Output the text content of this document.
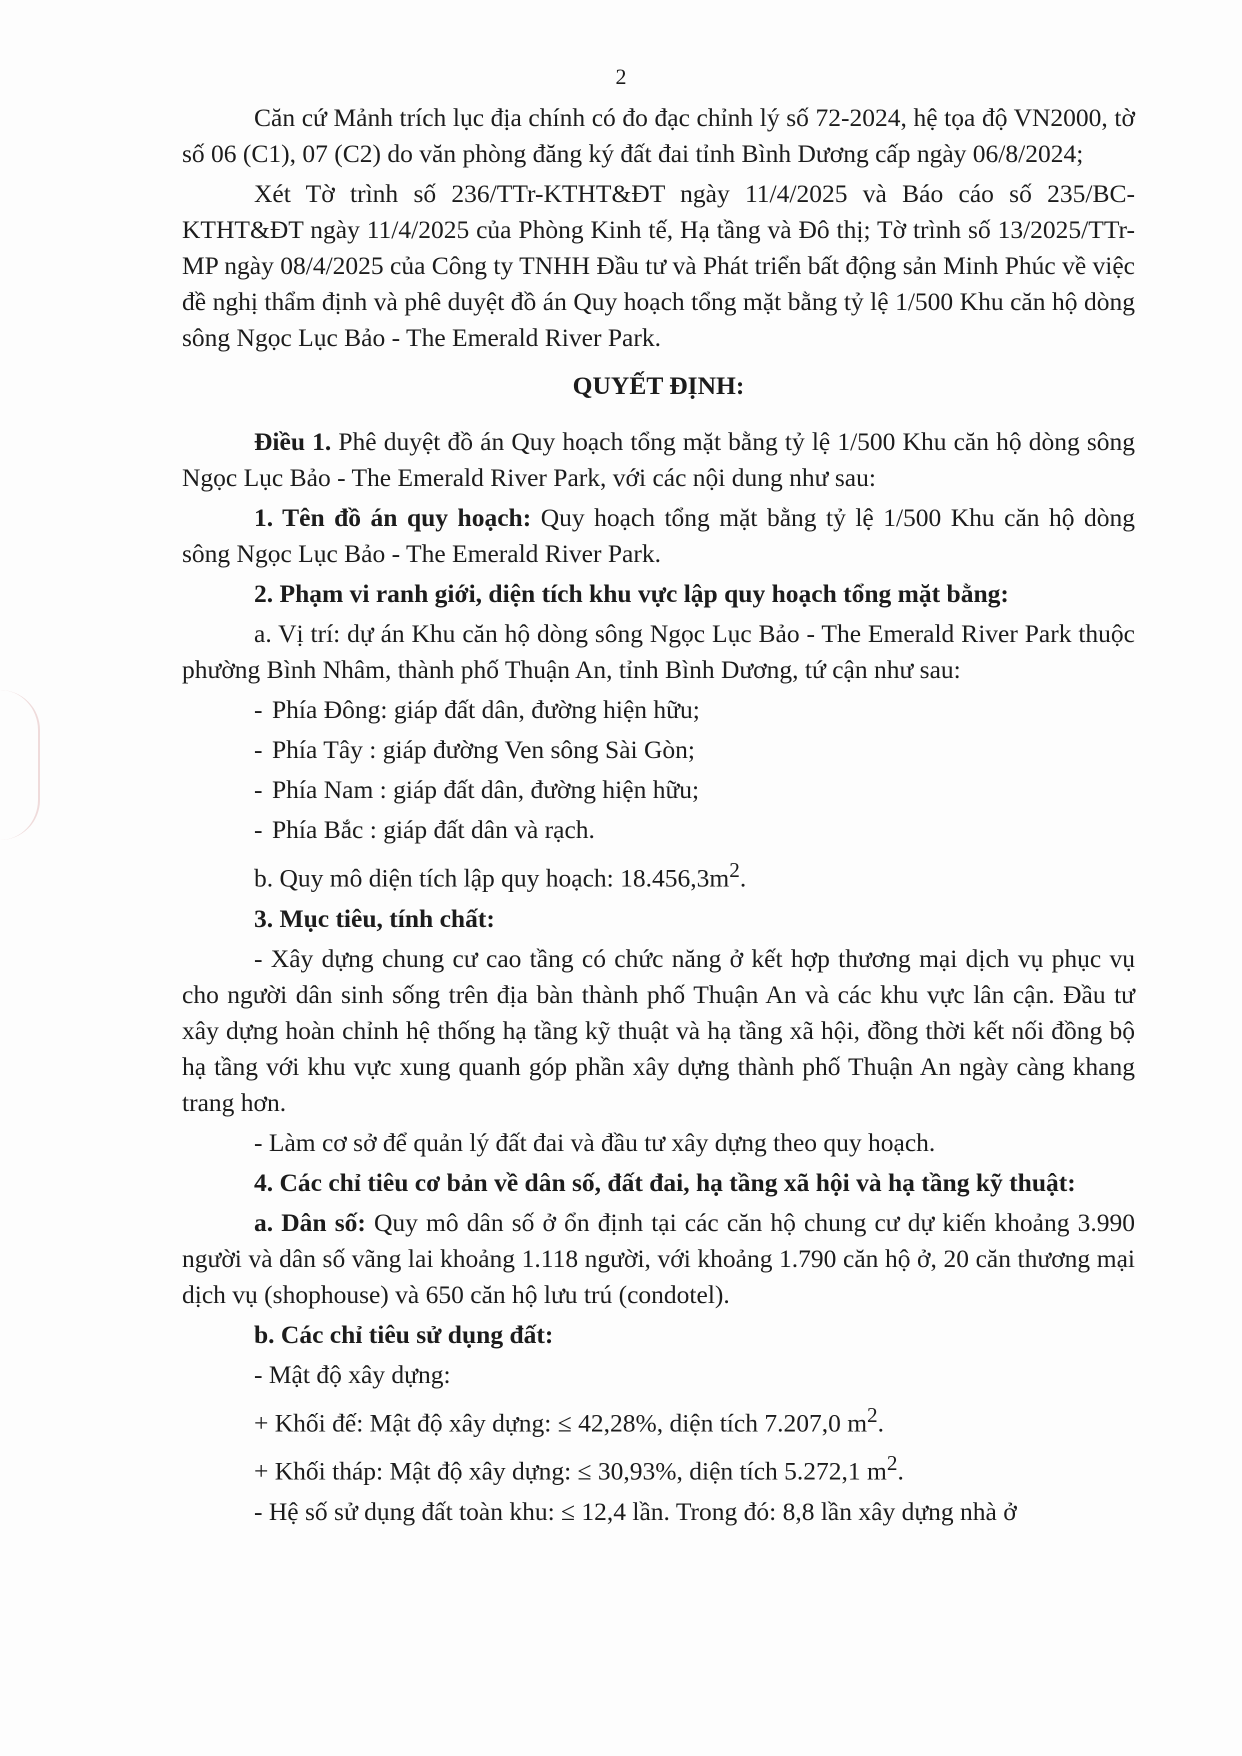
2

Căn cứ Mảnh trích lục địa chính có đo đạc chỉnh lý số 72-2024, hệ tọa độ VN2000, tờ số 06 (C1), 07 (C2) do văn phòng đăng ký đất đai tỉnh Bình Dương cấp ngày 06/8/2024;

Xét Tờ trình số 236/TTr-KTHT&ĐT ngày 11/4/2025 và Báo cáo số 235/BC- KTHT&ĐT ngày 11/4/2025 của Phòng Kinh tế, Hạ tầng và Đô thị; Tờ trình số 13/2025/TTr-MP ngày 08/4/2025 của Công ty TNHH Đầu tư và Phát triển bất động sản Minh Phúc về việc đề nghị thẩm định và phê duyệt đồ án Quy hoạch tổng mặt bằng tỷ lệ 1/500 Khu căn hộ dòng sông Ngọc Lục Bảo - The Emerald River Park.

QUYẾT ĐỊNH:

Điều 1. Phê duyệt đồ án Quy hoạch tổng mặt bằng tỷ lệ 1/500 Khu căn hộ dòng sông Ngọc Lục Bảo - The Emerald River Park, với các nội dung như sau:

1. Tên đồ án quy hoạch: Quy hoạch tổng mặt bằng tỷ lệ 1/500 Khu căn hộ dòng sông Ngọc Lục Bảo - The Emerald River Park.

2. Phạm vi ranh giới, diện tích khu vực lập quy hoạch tổng mặt bằng:

a. Vị trí: dự án Khu căn hộ dòng sông Ngọc Lục Bảo - The Emerald River Park thuộc phường Bình Nhâm, thành phố Thuận An, tỉnh Bình Dương, tứ cận như sau:

- Phía Đông: giáp đất dân, đường hiện hữu;

- Phía Tây : giáp đường Ven sông Sài Gòn;

- Phía Nam : giáp đất dân, đường hiện hữu;

- Phía Bắc : giáp đất dân và rạch.

b. Quy mô diện tích lập quy hoạch: $18.456,3m^2$.

3. Mục tiêu, tính chất:

- Xây dựng chung cư cao tầng có chức năng ở kết hợp thương mại dịch vụ phục vụ cho người dân sinh sống trên địa bàn thành phố Thuận An và các khu vực lân cận. Đầu tư xây dựng hoàn chỉnh hệ thống hạ tầng kỹ thuật và hạ tầng xã hội, đồng thời kết nối đồng bộ hạ tầng với khu vực xung quanh góp phần xây dựng thành phố Thuận An ngày càng khang trang hơn.

- Làm cơ sở để quản lý đất đai và đầu tư xây dựng theo quy hoạch.

4. Các chỉ tiêu cơ bản về dân số, đất đai, hạ tầng xã hội và hạ tầng kỹ thuật:

a. Dân số: Quy mô dân số ở ổn định tại các căn hộ chung cư dự kiến khoảng 3.990 người và dân số vãng lai khoảng 1.118 người, với khoảng 1.790 căn hộ ở, 20 căn thương mại dịch vụ (shophouse) và 650 căn hộ lưu trú (condotel).

b. Các chỉ tiêu sử dụng đất:

- Mật độ xây dựng:

+ Khối đế: Mật độ xây dựng: ≤ 42,28%, diện tích 7.207,0 $m^2$.

+ Khối tháp: Mật độ xây dựng: ≤ 30,93%, diện tích 5.272,1 $m^2$.

- Hệ số sử dụng đất toàn khu: ≤ 12,4 lần. Trong đó: 8,8 lần xây dựng nhà ở
